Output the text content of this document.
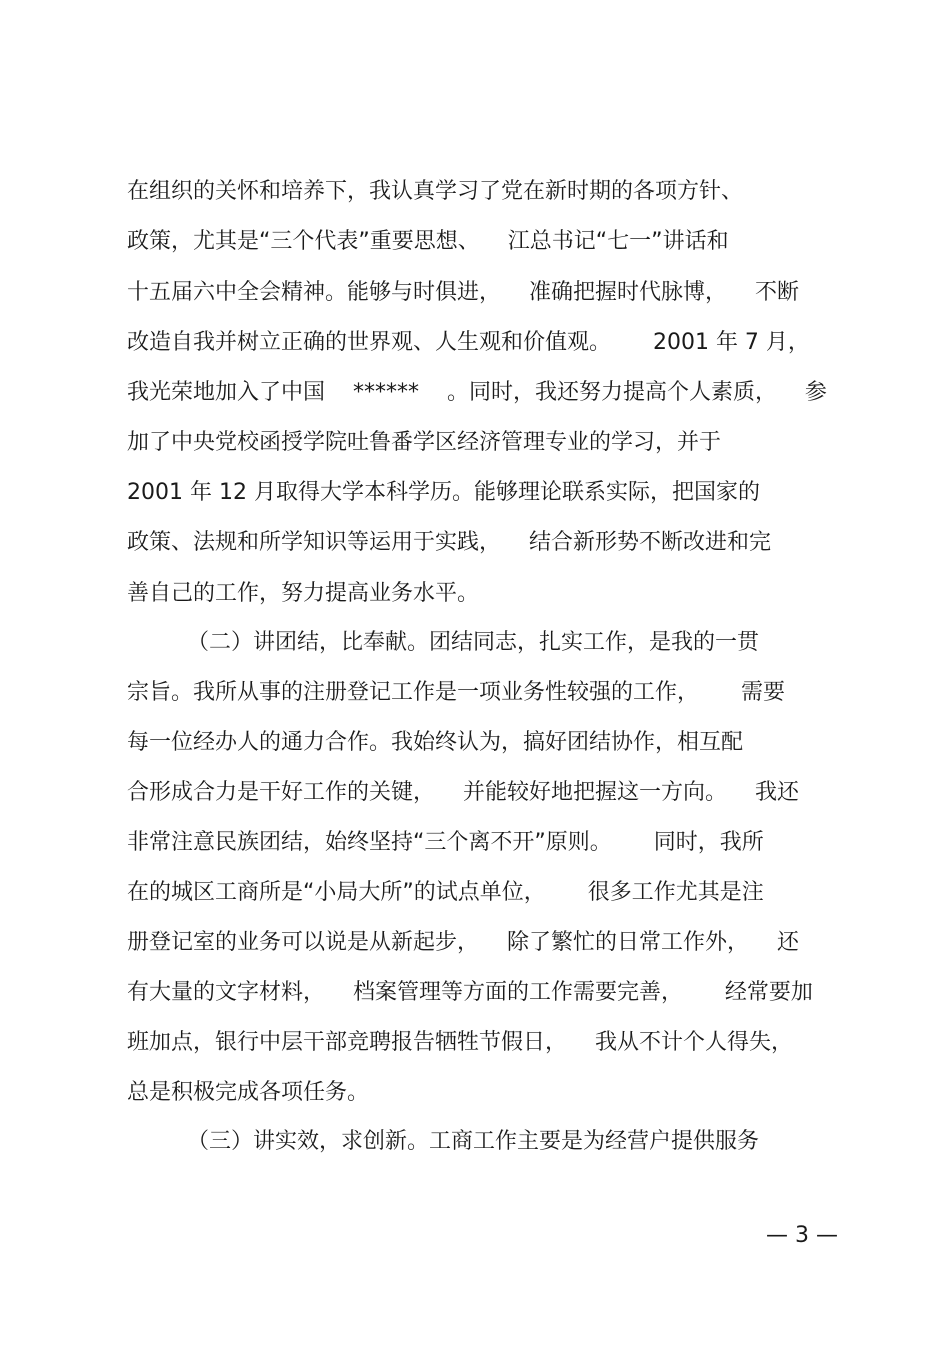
在组织的关怀和培养下，我认真学习了党在新时期的各项方针、
政策，尤其是“三个代表”重要思想、    江总书记“七一”讲话和
十五届六中全会精神。能够与时俱进，    准确把握时代脉博，    不断
改造自我并树立正确的世界观、人生观和价值观。      2001 年 7 月，
我光荣地加入了中国    ******    。同时，我还努力提高个人素质，    参
加了中央党校函授学院吐鲁番学区经济管理专业的学习，并于
2001 年 12 月取得大学本科学历。能够理论联系实际，把国家的
政策、法规和所学知识等运用于实践，    结合新形势不断改进和完
善自己的工作，努力提高业务水平。
（二）讲团结，比奉献。团结同志，扎实工作，是我的一贯
宗旨。我所从事的注册登记工作是一项业务性较强的工作，      需要
每一位经办人的通力合作。我始终认为，搞好团结协作，相互配
合形成合力是干好工作的关键，    并能较好地把握这一方向。    我还
非常注意民族团结，始终坚持“三个离不开”原则。      同时，我所
在的城区工商所是“小局大所”的试点单位，      很多工作尤其是注
册登记室的业务可以说是从新起步，    除了繁忙的日常工作外，    还
有大量的文字材料，    档案管理等方面的工作需要完善，      经常要加
班加点，银行中层干部竞聘报告牺牲节假日，    我从不计个人得失，
总是积极完成各项任务。
（三）讲实效，求创新。工商工作主要是为经营户提供服务
— 3 —
